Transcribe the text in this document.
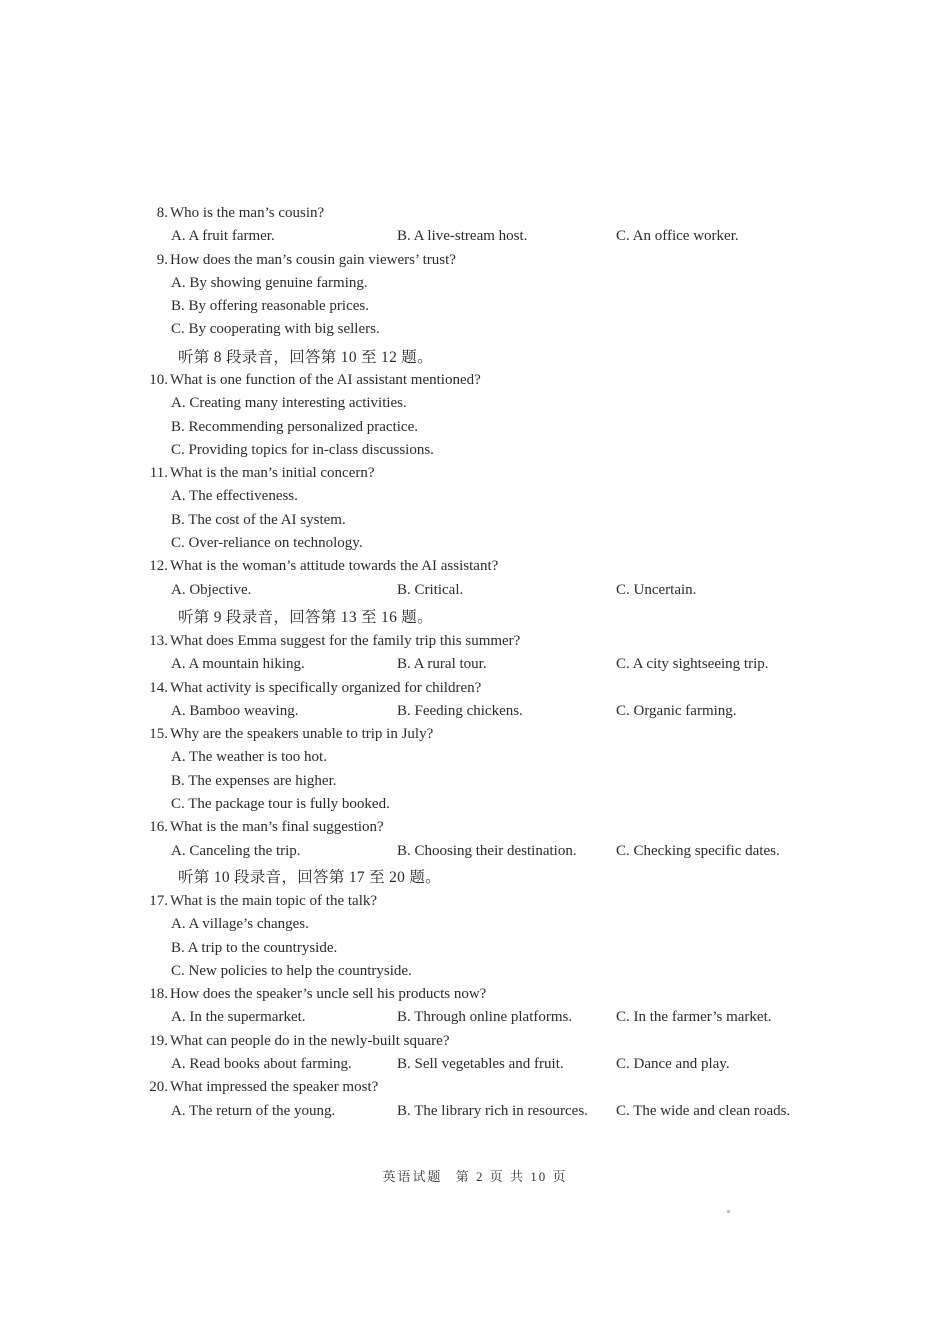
8. Who is the man’s cousin?
A. A fruit farmer.	B. A live-stream host.	C. An office worker.
9. How does the man’s cousin gain viewers’ trust?
A. By showing genuine farming.
B. By offering reasonable prices.
C. By cooperating with big sellers.
听第 8 段录音，回答第 10 至 12 题。
10. What is one function of the AI assistant mentioned?
A. Creating many interesting activities.
B. Recommending personalized practice.
C. Providing topics for in-class discussions.
11. What is the man’s initial concern?
A. The effectiveness.
B. The cost of the AI system.
C. Over-reliance on technology.
12. What is the woman’s attitude towards the AI assistant?
A. Objective.	B. Critical.	C. Uncertain.
听第 9 段录音，回答第 13 至 16 题。
13. What does Emma suggest for the family trip this summer?
A. A mountain hiking.	B. A rural tour.	C. A city sightseeing trip.
14. What activity is specifically organized for children?
A. Bamboo weaving.	B. Feeding chickens.	C. Organic farming.
15. Why are the speakers unable to trip in July?
A. The weather is too hot.
B. The expenses are higher.
C. The package tour is fully booked.
16. What is the man’s final suggestion?
A. Canceling the trip.	B. Choosing their destination.	C. Checking specific dates.
听第 10 段录音，回答第 17 至 20 题。
17. What is the main topic of the talk?
A. A village’s changes.
B. A trip to the countryside.
C. New policies to help the countryside.
18. How does the speaker’s uncle sell his products now?
A. In the supermarket.	B. Through online platforms.	C. In the farmer’s market.
19. What can people do in the newly-built square?
A. Read books about farming.	B. Sell vegetables and fruit.	C. Dance and play.
20. What impressed the speaker most?
A. The return of the young.	B. The library rich in resources. C. The wide and clean roads.
英语试题 第 2 页 共 10 页
